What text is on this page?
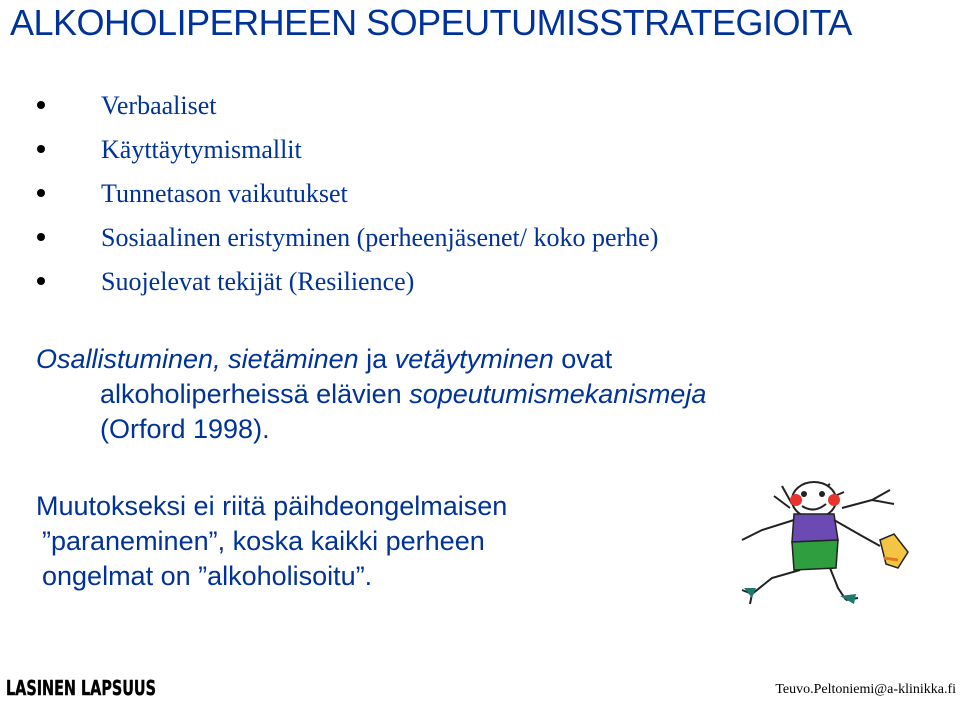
ALKOHOLIPERHEEN SOPEUTUMISSTRATEGIOITA
Verbaaliset
Käyttäytymismallit
Tunnetason vaikutukset
Sosiaalinen eristyminen (perheenjäsenet/ koko perhe)
Suojelevat tekijät (Resilience)
Osallistuminen, sietäminen ja vetäytyminen ovat
alkoholiperheissä elävien sopeutumismekanismeja
(Orford 1998).
Muutokseksi ei riitä päihdeongelmaisen
”paraneminen”, koska kaikki perheen
ongelmat on ”alkoholisoitu”.
LASINEN LAPSUUS	Teuvo.Peltoniemi@a-klinikka.fi
